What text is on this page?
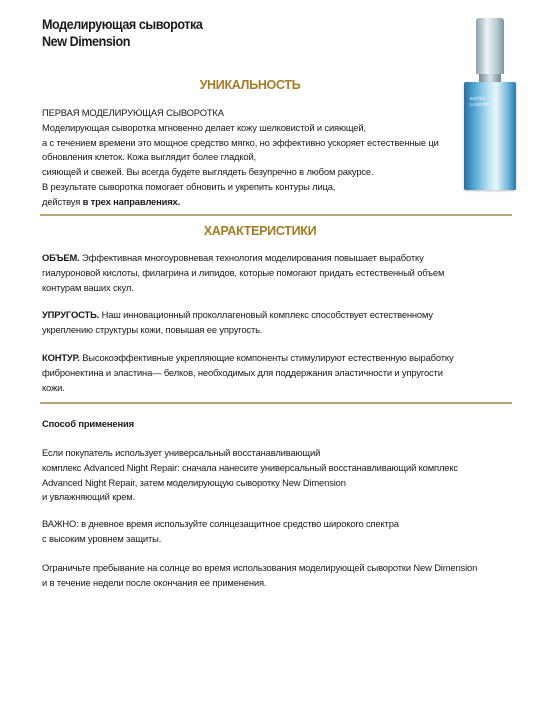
Моделирующая сыворотка
New Dimension
ESTÉE
LAUDER
УНИКАЛЬНОСТЬ
ПЕРВАЯ МОДЕЛИРУЮЩАЯ СЫВОРОТКА
Моделирующая сыворотка мгновенно делает кожу шелковистой и сияющей,
а с течением времени это мощное средство мягко, но эффективно ускоряет естественные ци
обновления клеток. Кожа выглядит более гладкой,
сияющей и свежей. Вы всегда будете выглядеть безупречно в любом ракурсе.
В результате сыворотка помогает обновить и укрепить контуры лица,
действуя в трех направлениях.
ХАРАКТЕРИСТИКИ
ОБЪЕМ. Эффективная многоуровневая технология моделирования повышает выработку
гиалуроновой кислоты, филагрина и липидов, которые помогают придать естественный объем
контурам ваших скул.
УПРУГОСТЬ. Наш инновационный проколлагеновый комплекс способствует естественному
укреплению структуры кожи, повышая ее упругость.
КОНТУР. Высокоэффективные укрепляющие компоненты стимулируют естественную выработку
фибронектина и эластина— белков, необходимых для поддержания эластичности и упругости
кожи.
Способ применения
Если покупатель использует универсальный восстанавливающий
комплекс Advanced Night Repair: сначала нанесите универсальный восстанавливающий комплекс
Advanced Night Repair, затем моделирующую сыворотку New Dimension
и увлажняющий крем.
ВАЖНО: в дневное время используйте солнцезащитное средство широкого спектра
с высоким уровнем защиты.
Ограничьте пребывание на солнце во время использования моделирующей сыворотки New Dimension
и в течение недели после окончания ее применения.
